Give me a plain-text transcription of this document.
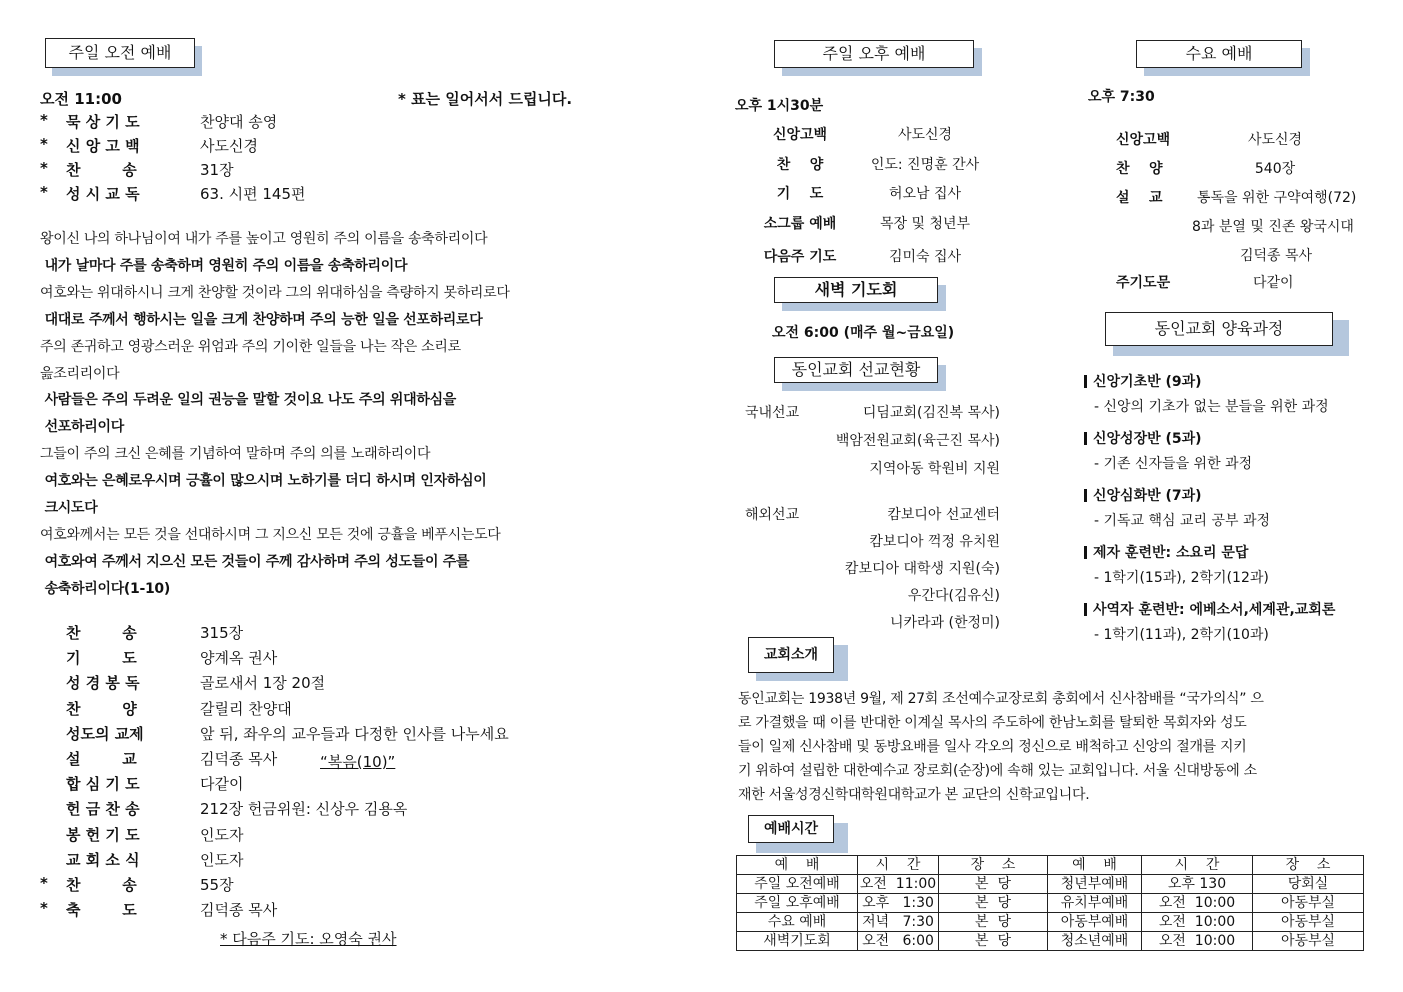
주일 오전 예배
오전 11:00	* 표는 일어서서 드립니다.
* 묵 상 기 도	찬양대 송영
* 신 앙 고 백	사도신경
* 찬        송	31장
* 성 시 교 독	63. 시편 145편
왕이신 나의 하나님이여 내가 주를 높이고 영원히 주의 이름을 송축하리이다
내가 날마다 주를 송축하며 영원히 주의 이름을 송축하리이다
여호와는 위대하시니 크게 찬양할 것이라 그의 위대하심을 측량하지 못하리로다
대대로 주께서 행하시는 일을 크게 찬양하며 주의 능한 일을 선포하리로다
주의 존귀하고 영광스러운 위엄과 주의 기이한 일들을 나는 작은 소리로
읊조리리이다
사람들은 주의 두려운 일의 권능을 말할 것이요 나도 주의 위대하심을
선포하리이다
그들이 주의 크신 은혜를 기념하여 말하며 주의 의를 노래하리이다
여호와는 은혜로우시며 긍휼이 많으시며 노하기를 더디 하시며 인자하심이
크시도다
여호와께서는 모든 것을 선대하시며 그 지으신 모든 것에 긍휼을 베푸시는도다
여호와여 주께서 지으신 모든 것들이 주께 감사하며 주의 성도들이 주를
송축하리이다(1-10)
찬        송	315장
기        도	양계옥 권사
성 경 봉 독	골로새서 1장 20절
찬        양	갈릴리 찬양대
성도의 교제	앞 뒤, 좌우의 교우들과 다정한 인사를 나누세요
설        교	김덕종 목사
합 심 기 도	다같이
헌 금 찬 송	212장 헌금위원: 신상우 김용옥
봉 헌 기 도	인도자
교 회 소 식	인도자
* 찬        송	55장
* 축        도	김덕종 목사
“복음(10)”
* 다음주 기도: 오영숙 권사
주일 오후 예배
오후 1시30분
신앙고백	사도신경
찬    양	인도: 진명훈 간사
기    도	허오남 집사
소그룹 예배	목장 및 청년부
다음주 기도	김미숙 집사
새벽 기도회
오전 6:00 (매주 월~금요일)
동인교회 선교현황
국내선교	디딤교회(김진복 목사)
백암전원교회(육근진 목사)
지역아동 학원비 지원
해외선교	캄보디아 선교센터
캄보디아 꺽정 유치원
캄보디아 대학생 지원(숙)
우간다(김유신)
니카라과 (한정미)
교회소개
동인교회는 1938년 9월, 제 27회 조선예수교장로회 총회에서 신사참배를 “국가의식” 으
로 가결했을 때 이를 반대한 이계실 목사의 주도하에 한남노회를 탈퇴한 목회자와 성도
들이 일제 신사참배 및 동방요배를 일사 각오의 정신으로 배척하고 신앙의 절개를 지키
기 위하여 설립한 대한예수교 장로회(순장)에 속해 있는 교회입니다. 서울 신대방동에 소
재한 서울성경신학대학원대학교가 본 교단의 신학교입니다.
예배시간
예    배	시    간	장    소	예    배	시    간	장    소
주일 오전예배	오전  11:00	본  당	청년부예배	오후 130	당회실
주일 오후예배	오후   1:30	본  당	유치부예배	오전  10:00	아동부실
수요 예배	저녁   7:30	본  당	아동부예배	오전  10:00	아동부실
새벽기도회	오전   6:00	본  당	청소년예배	오전  10:00	아동부실
수요 예배
오후 7:30
신앙고백	사도신경
찬    양	540장
설    교 통독을 위한 구약여행(72)
8과 분열 및 진존 왕국시대
김덕종 목사
주기도문	다같이
동인교회 양육과정
신앙기초반 (9과)
- 신앙의 기초가 없는 분들을 위한 과정
신앙성장반 (5과)
- 기존 신자들을 위한 과정
신앙심화반 (7과)
- 기독교 핵심 교리 공부 과정
제자 훈련반: 소요리 문답
- 1학기(15과), 2학기(12과)
사역자 훈련반: 에베소서,세계관,교회론
- 1학기(11과), 2학기(10과)
